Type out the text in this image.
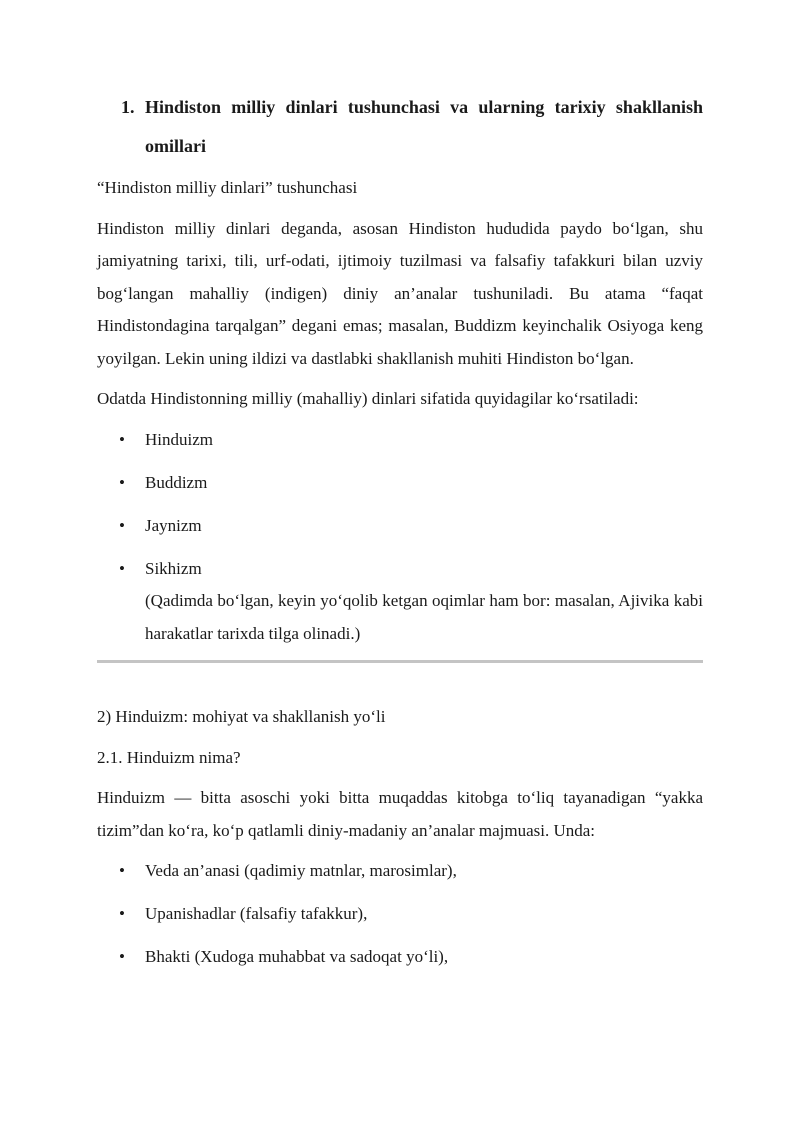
1. Hindiston milliy dinlari tushunchasi va ularning tarixiy shakllanish omillari

“Hindiston milliy dinlari” tushunchasi

Hindiston milliy dinlari deganda, asosan Hindiston hududida paydo bo‘lgan, shu jamiyatning tarixi, tili, urf-odati, ijtimoiy tuzilmasi va falsafiy tafakkuri bilan uzviy bog‘langan mahalliy (indigen) diniy an’analar tushuniladi. Bu atama “faqat Hindistondagina tarqalgan” degani emas; masalan, Buddizm keyinchalik Osiyoga keng yoyilgan. Lekin uning ildizi va dastlabki shakllanish muhiti Hindiston bo‘lgan.

Odatda Hindistonning milliy (mahalliy) dinlari sifatida quyidagilar ko‘rsatiladi:

• Hinduizm
• Buddizm
• Jaynizm
• Sikhizm
(Qadimda bo‘lgan, keyin yo‘qolib ketgan oqimlar ham bor: masalan, Ajivika kabi harakatlar tarixda tilga olinadi.)

2) Hinduizm: mohiyat va shakllanish yo‘li

2.1. Hinduizm nima?

Hinduizm — bitta asoschi yoki bitta muqaddas kitobga to‘liq tayanadigan “yakka tizim”dan ko‘ra, ko‘p qatlamli diniy-madaniy an’analar majmuasi. Unda:

• Veda an’anasi (qadimiy matnlar, marosimlar),
• Upanishadlar (falsafiy tafakkur),
• Bhakti (Xudoga muhabbat va sadoqat yo‘li),
